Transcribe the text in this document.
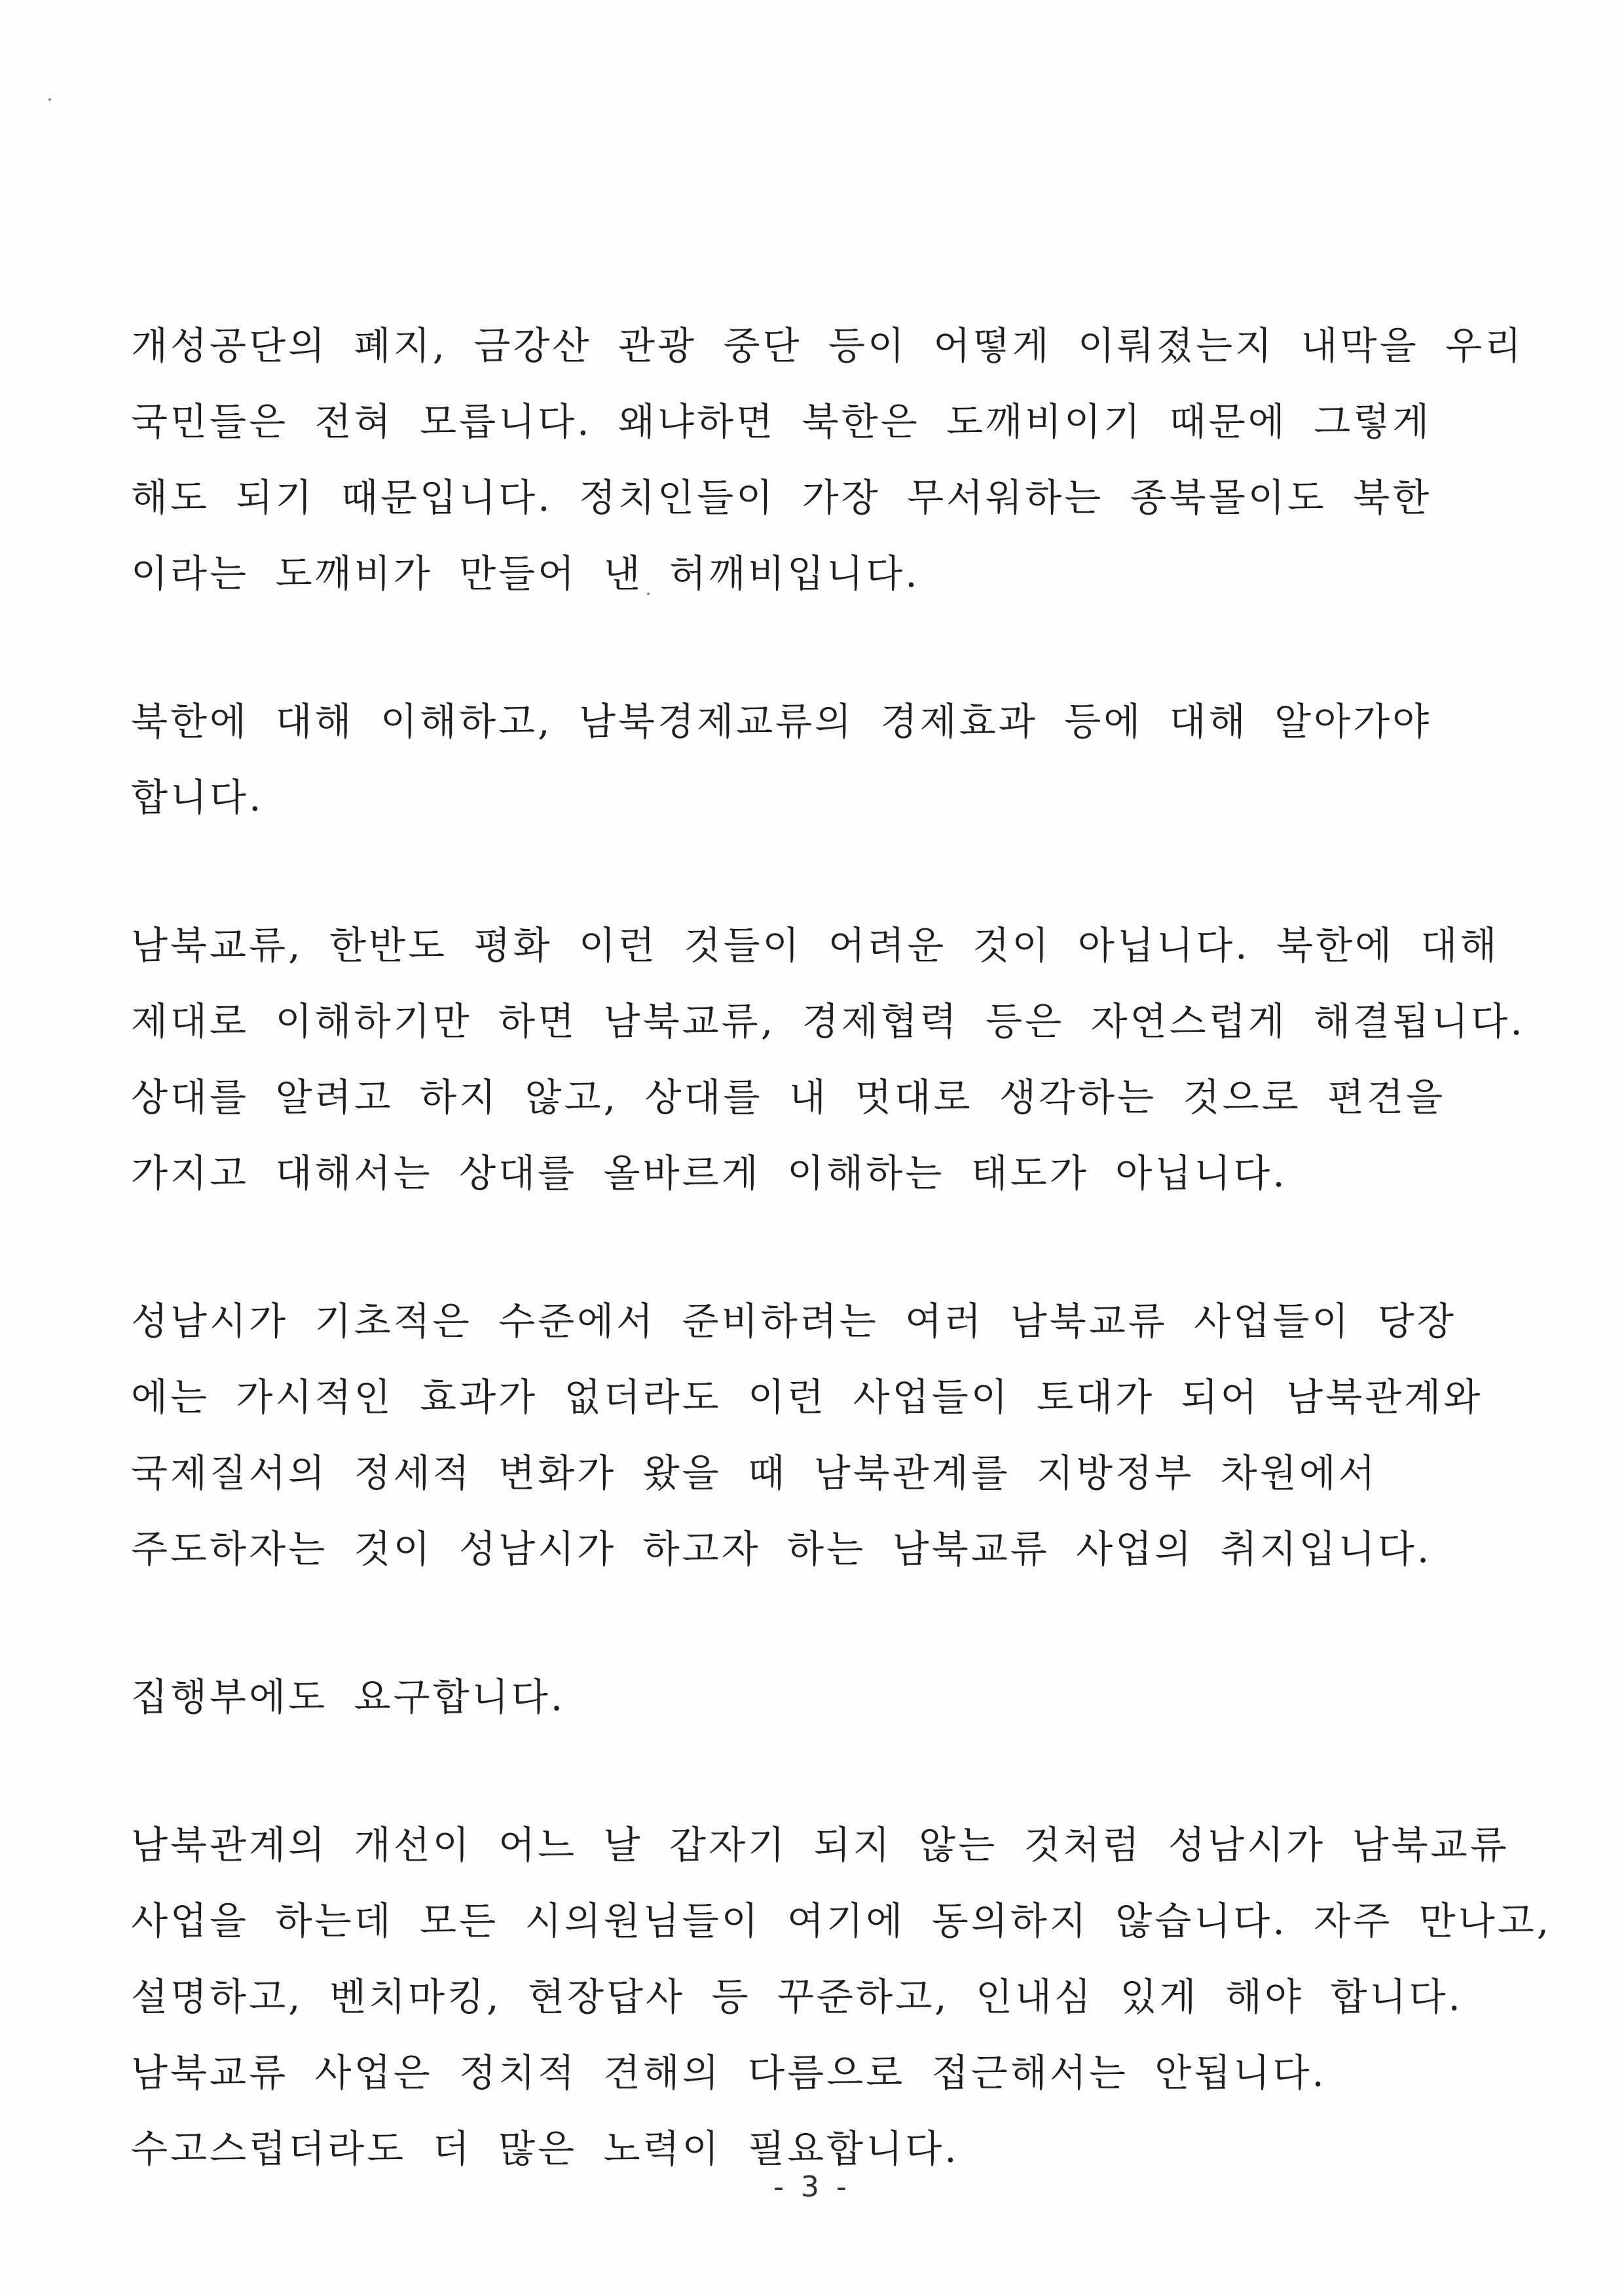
개성공단의 폐지, 금강산 관광 중단 등이 어떻게 이뤄졌는지 내막을 우리
국민들은 전혀 모릅니다. 왜냐하면 북한은 도깨비이기 때문에 그렇게
해도 되기 때문입니다. 정치인들이 가장 무서워하는 종북몰이도 북한
이라는 도깨비가 만들어 낸 허깨비입니다.
북한에 대해 이해하고, 남북경제교류의 경제효과 등에 대해 알아가야
합니다.
남북교류, 한반도 평화 이런 것들이 어려운 것이 아닙니다. 북한에 대해
제대로 이해하기만 하면 남북교류, 경제협력 등은 자연스럽게 해결됩니다.
상대를 알려고 하지 않고, 상대를 내 멋대로 생각하는 것으로 편견을
가지고 대해서는 상대를 올바르게 이해하는 태도가 아닙니다.
성남시가 기초적은 수준에서 준비하려는 여러 남북교류 사업들이 당장
에는 가시적인 효과가 없더라도 이런 사업들이 토대가 되어 남북관계와
국제질서의 정세적 변화가 왔을 때 남북관계를 지방정부 차원에서
주도하자는 것이 성남시가 하고자 하는 남북교류 사업의 취지입니다.
집행부에도 요구합니다.
남북관계의 개선이 어느 날 갑자기 되지 않는 것처럼 성남시가 남북교류
사업을 하는데 모든 시의원님들이 여기에 동의하지 않습니다. 자주 만나고,
설명하고, 벤치마킹, 현장답사 등 꾸준하고, 인내심 있게 해야 합니다.
남북교류 사업은 정치적 견해의 다름으로 접근해서는 안됩니다.
수고스럽더라도 더 많은 노력이 필요합니다.
- 3 -
